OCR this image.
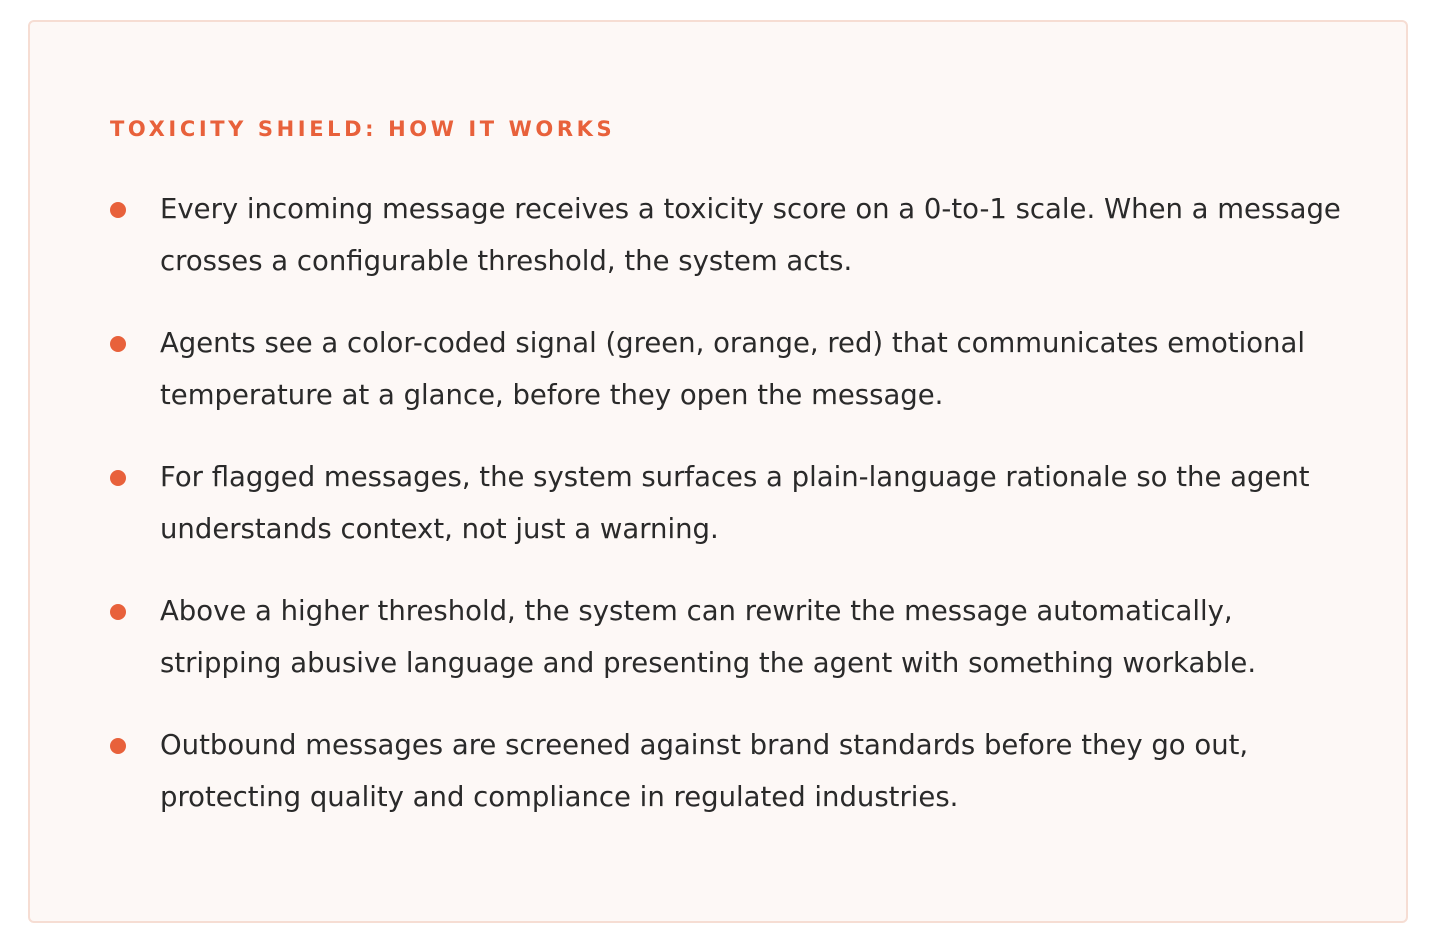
TOXICITY SHIELD: HOW IT WORKS
Every incoming message receives a toxicity score on a 0-to-1 scale. When a message crosses a configurable threshold, the system acts.
Agents see a color-coded signal (green, orange, red) that communicates emotional temperature at a glance, before they open the message.
For flagged messages, the system surfaces a plain-language rationale so the agent understands context, not just a warning.
Above a higher threshold, the system can rewrite the message automatically, stripping abusive language and presenting the agent with something workable.
Outbound messages are screened against brand standards before they go out, protecting quality and compliance in regulated industries.
